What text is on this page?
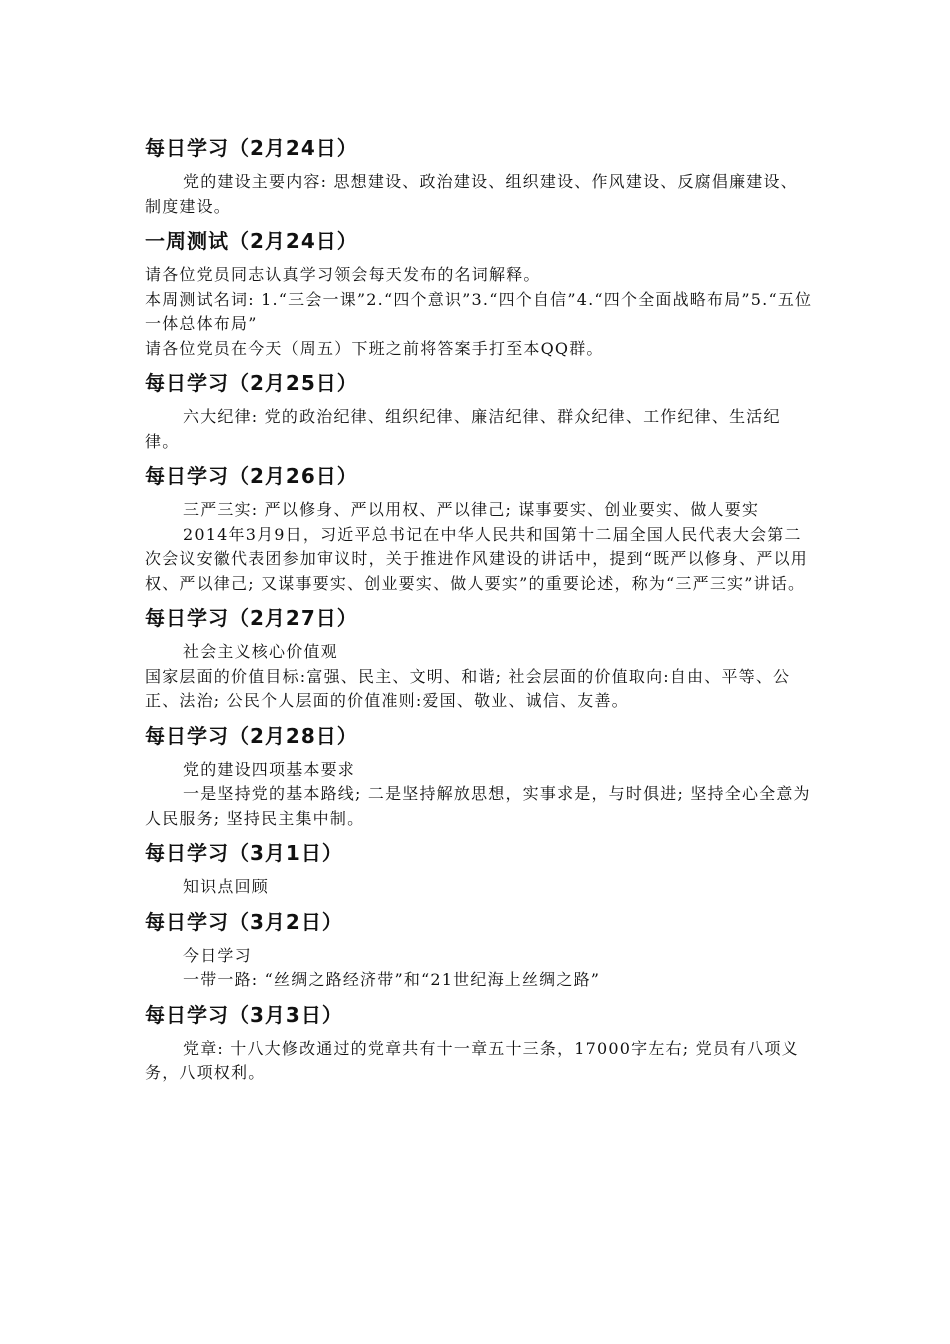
每日学习（2月24日）

党的建设主要内容: 思想建设、政治建设、组织建设、作风建设、反腐倡廉建设、制度建设。

一周测试（2月24日）

请各位党员同志认真学习领会每天发布的名词解释。

本周测试名词: 1.“三会一课”2.“四个意识”3.“四个自信”4.“四个全面战略布局”5.“五位一体总体布局”

请各位党员在今天（周五）下班之前将答案手打至本QQ群。

每日学习（2月25日）

六大纪律: 党的政治纪律、组织纪律、廉洁纪律、群众纪律、工作纪律、生活纪律。

每日学习（2月26日）

三严三实: 严以修身、严以用权、严以律己; 谋事要实、创业要实、做人要实

2014年3月9日，习近平总书记在中华人民共和国第十二届全国人民代表大会第二次会议安徽代表团参加审议时，关于推进作风建设的讲话中，提到“既严以修身、严以用权、严以律己; 又谋事要实、创业要实、做人要实”的重要论述，称为“三严三实”讲话。

每日学习（2月27日）

社会主义核心价值观

国家层面的价值目标:富强、民主、文明、和谐; 社会层面的价值取向:自由、平等、公正、法治; 公民个人层面的价值准则:爱国、敬业、诚信、友善。

每日学习（2月28日）

党的建设四项基本要求

一是坚持党的基本路线; 二是坚持解放思想，实事求是，与时俱进; 坚持全心全意为人民服务; 坚持民主集中制。

每日学习（3月1日）

知识点回顾

每日学习（3月2日）

今日学习

一带一路: “丝绸之路经济带”和“21世纪海上丝绸之路”

每日学习（3月3日）

党章: 十八大修改通过的党章共有十一章五十三条，17000字左右; 党员有八项义务，八项权利。
